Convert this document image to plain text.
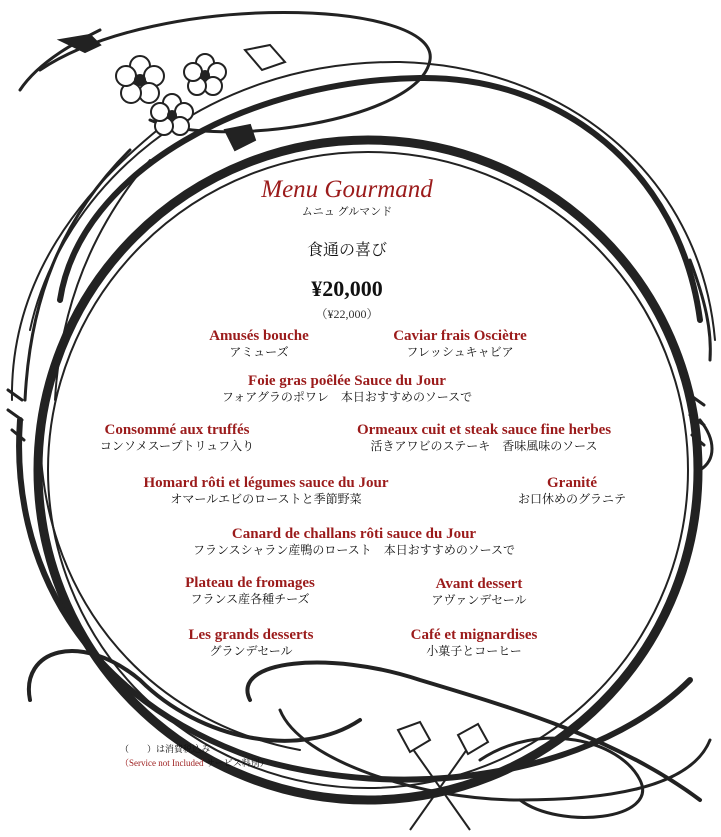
Menu Gourmand
ムニュ グルマンド
食通の喜び
¥20,000
（¥22,000）
Amusés bouche
アミューズ
Caviar frais Osciètre
フレッシュキャビア
Foie gras poêlée Sauce du Jour
フォアグラのポワレ　本日おすすめのソースで
Consommé aux truffés
コンソメスープトリュフ入り
Ormeaux cuit et steak sauce fine herbes
活きアワビのステーキ　香味風味のソース
Homard rôti et légumes sauce du Jour
オマールエビのローストと季節野菜
Granité
お口休めのグラニテ
Canard de challans rôti sauce du Jour
フランスシャラン産鴨のロースト　本日おすすめのソースで
Plateau de fromages
フランス産各種チーズ
Avant dessert
アヴァンデセール
Les grands desserts
グランデセール
Café et mignardises
小菓子とコーヒー
（　　）は消費税込み
（Service not Included サービス料別）
